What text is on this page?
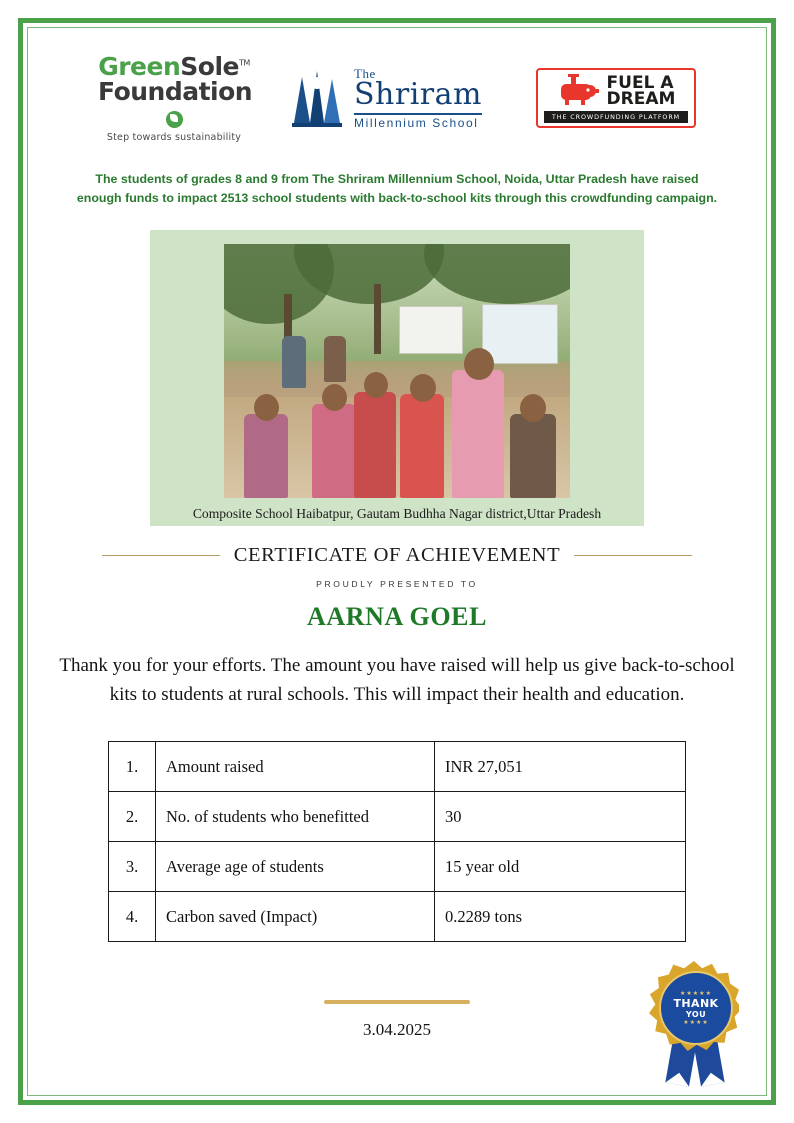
GreenSole™
Foundation
Step towards sustainability
The
Shriram
Millennium School
FUEL A
DREAM
THE CROWDFUNDING PLATFORM
The students of grades 8 and 9 from The Shriram Millennium School, Noida, Uttar Pradesh have raised
enough funds to impact 2513 school students with back-to-school kits through this crowdfunding campaign.
Composite School Haibatpur, Gautam Budhha Nagar district,Uttar Pradesh
CERTIFICATE OF ACHIEVEMENT
PROUDLY PRESENTED TO
AARNA GOEL
Thank you for your efforts. The amount you have raised will help us give back-to-school kits to students at rural schools. This will impact their health and education.
1.	Amount raised	INR 27,051
2.	No. of students who benefitted	30
3.	Average age of students	15 year old
4.	Carbon saved (Impact)	0.2289 tons
3.04.2025
★★★★★
THANK
YOU
★★★★
